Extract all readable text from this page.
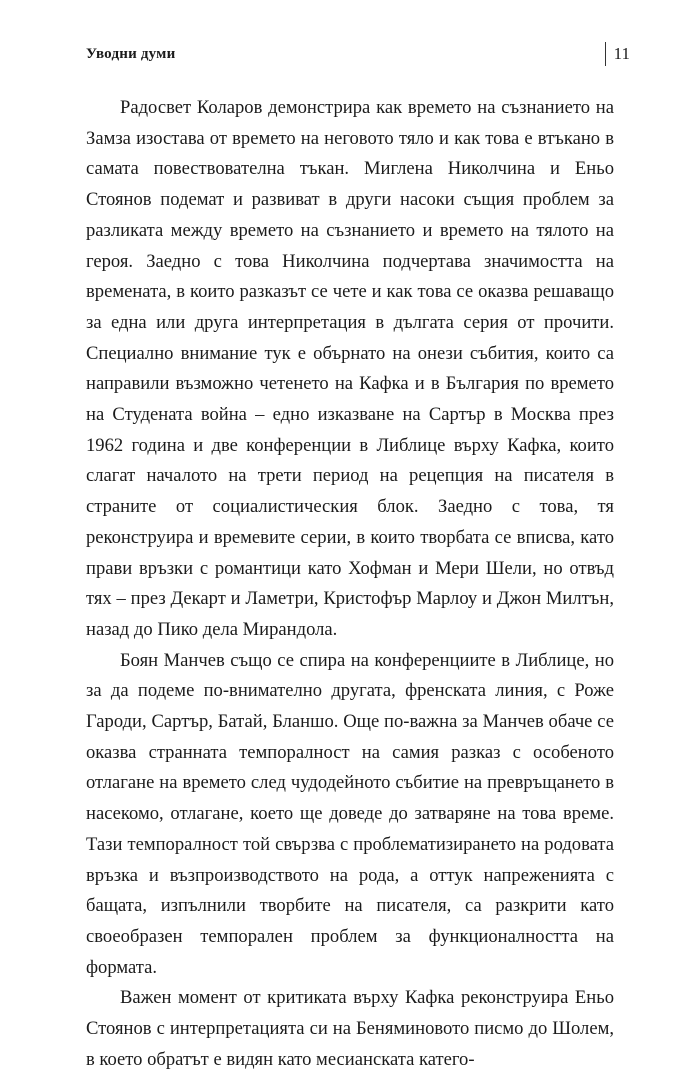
Уводни думи	11

Радосвет Коларов демонстрира как времето на съзнанието на Замза изостава от времето на неговото тяло и как това е втъкано в самата повествователна тъкан. Миглена Николчина и Еньо Стоянов подемат и развиват в други насоки същия проблем за разликата между времето на съзнанието и времето на тялото на героя. Заедно с това Николчина подчертава значимостта на времената, в които разказът се чете и как това се оказва решаващо за една или друга интерпретация в дългата серия от прочити. Специално внимание тук е обърнато на онези събития, които са направили възможно четенето на Кафка и в България по времето на Студената война – едно изказване на Сартър в Москва през 1962 година и две конференции в Либлице върху Кафка, които слагат началото на трети период на рецепция на писателя в страните от социалистическия блок. Заедно с това, тя реконструира и времевите серии, в които творбата се вписва, като прави връзки с романтици като Хофман и Мери Шели, но отвъд тях – през Декарт и Ламетри, Кристофър Марлоу и Джон Милтън, назад до Пико дела Мирандола.

Боян Манчев също се спира на конференциите в Либлице, но за да подеме по-внимателно другата, френската линия, с Роже Гароди, Сартър, Батай, Бланшо. Още по-важна за Манчев обаче се оказва странната темпоралност на самия разказ с особеното отлагане на времето след чудодейното събитие на превръщането в насекомо, отлагане, което ще доведе до затваряне на това време. Тази темпоралност той свързва с проблематизирането на родовата връзка и възпроизводството на рода, а оттук напреженията с бащата, изпълнили творбите на писателя, са разкрити като своеобразен темпорален проблем за функционалността на формата.

Важен момент от критиката върху Кафка реконструира Еньо Стоянов с интерпретацията си на Беняминовото писмо до Шолем, в което обратът е видян като месианската катего-
